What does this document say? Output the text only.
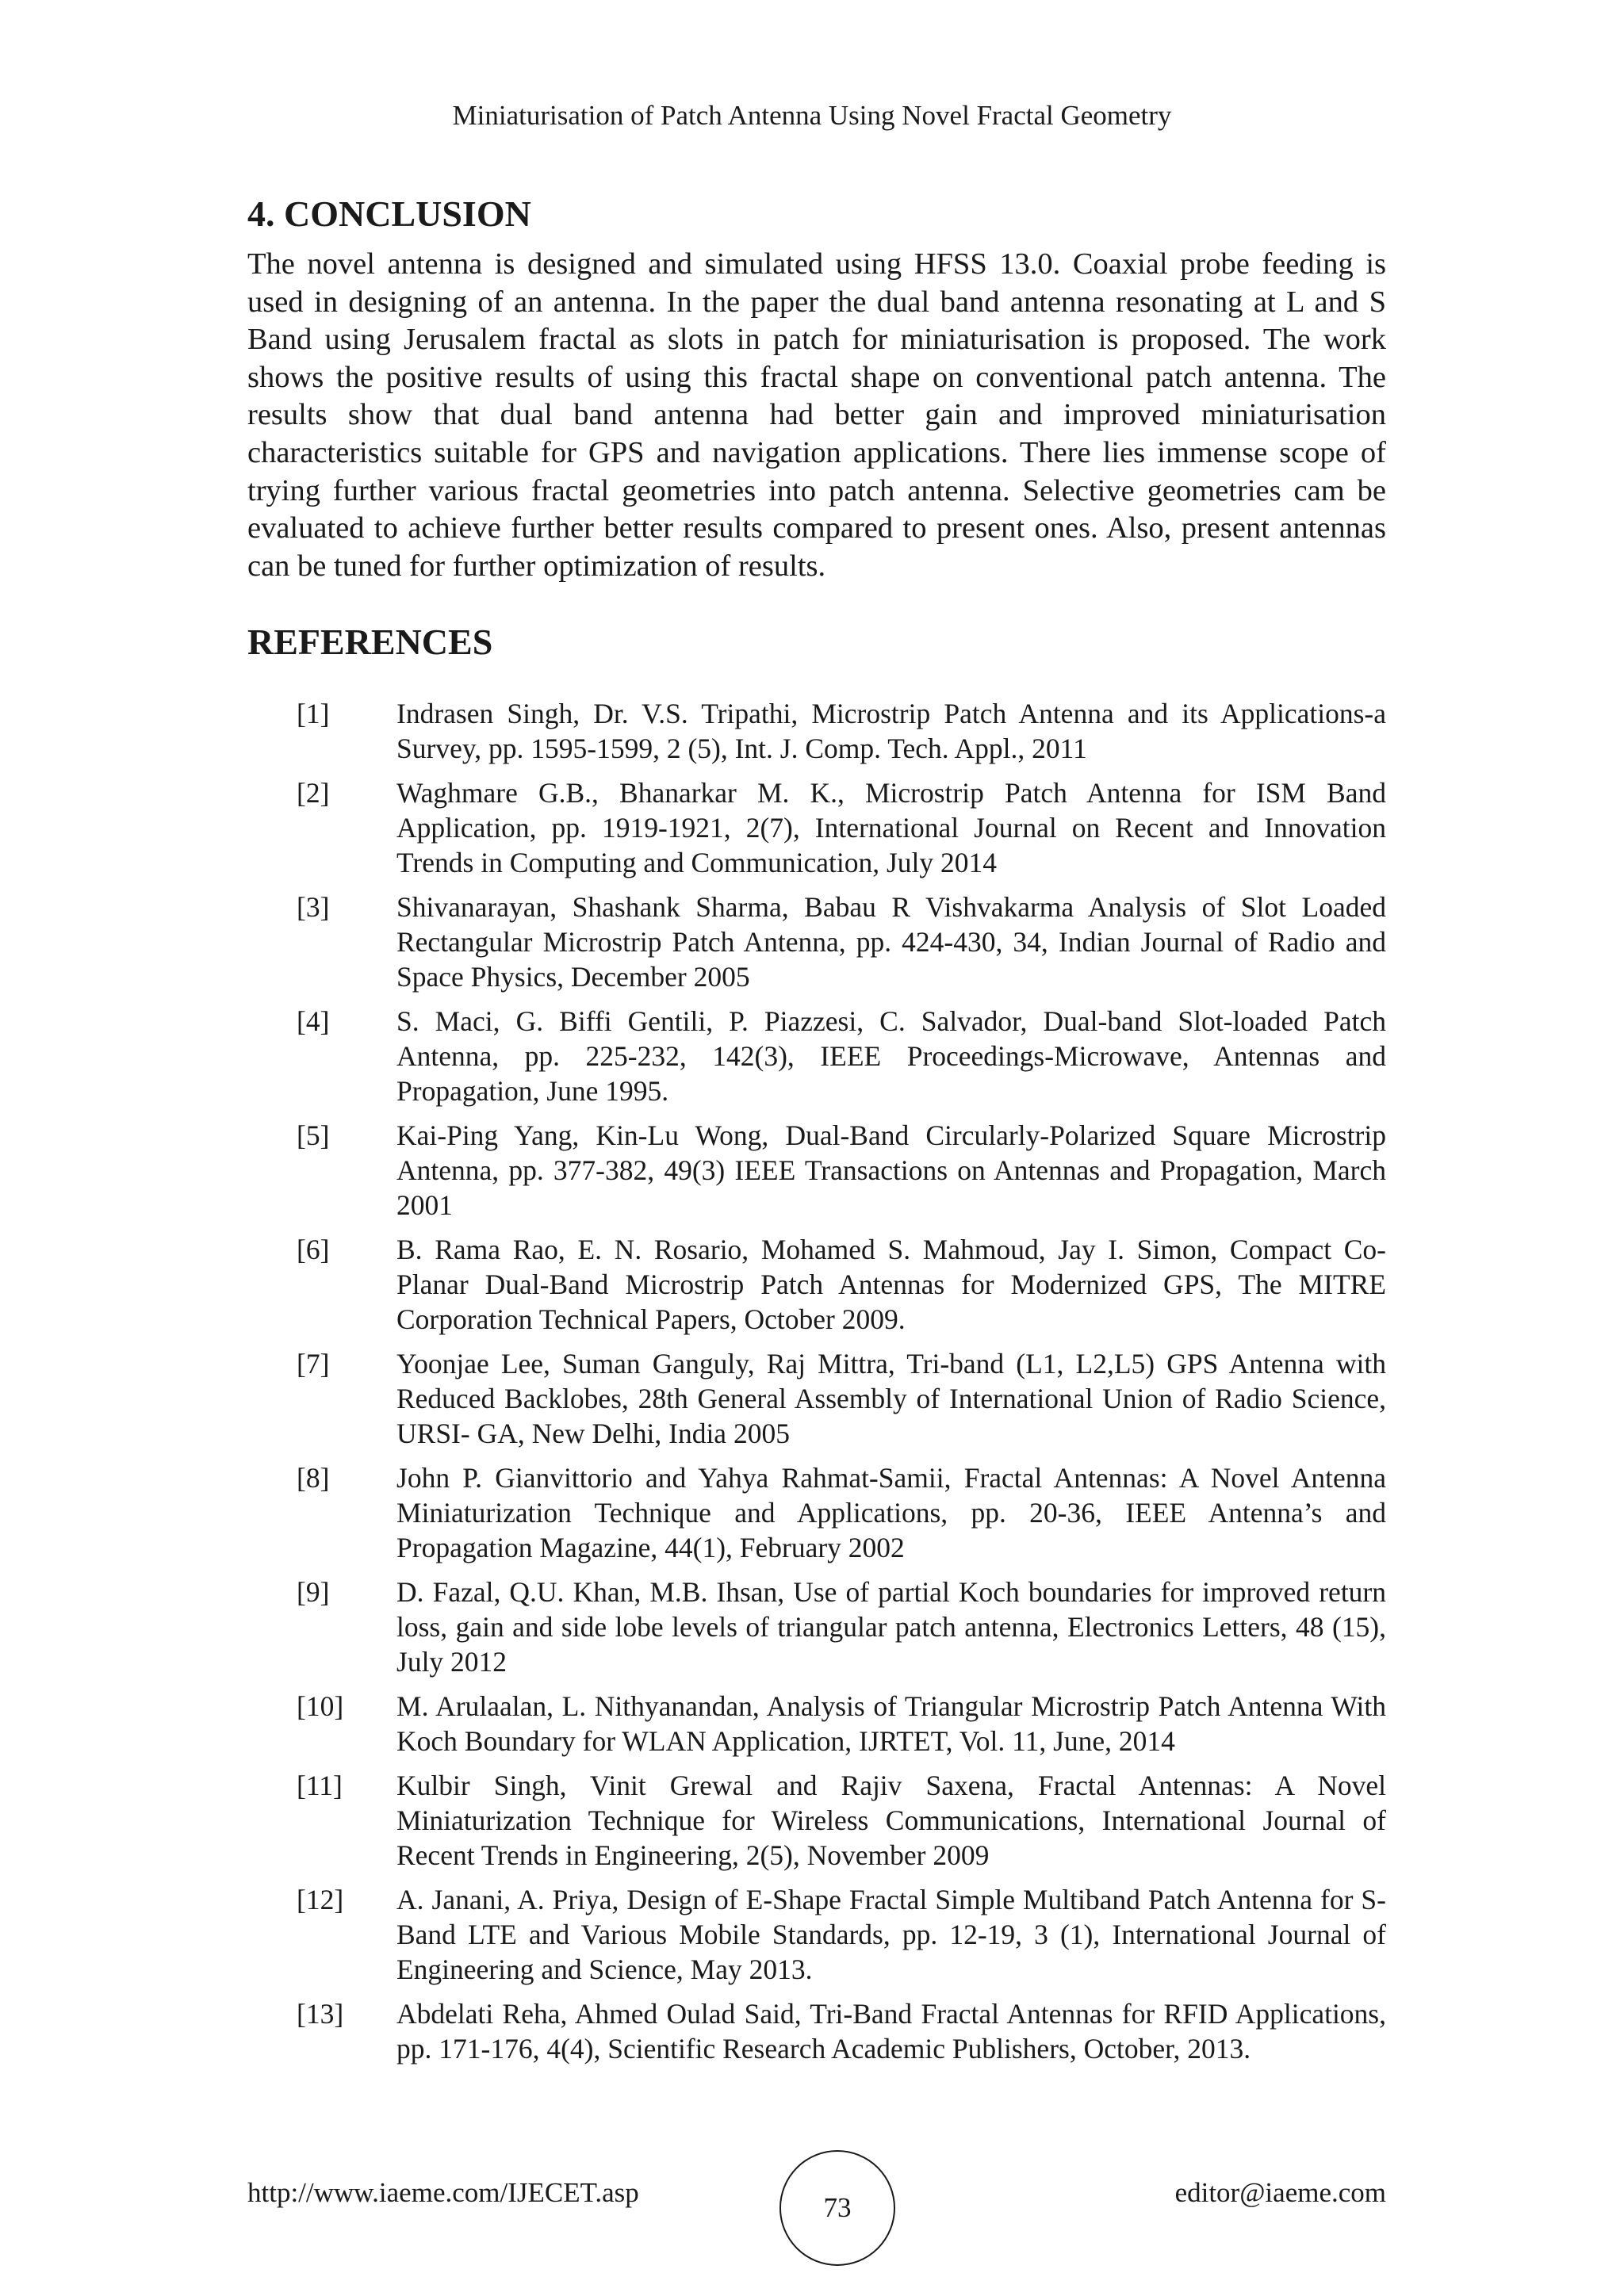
Miniaturisation of Patch Antenna Using Novel Fractal Geometry
4. CONCLUSION

The novel antenna is designed and simulated using HFSS 13.0. Coaxial probe feeding is used in designing of an antenna. In the paper the dual band antenna resonating at L and S Band using Jerusalem fractal as slots in patch for miniaturisation is proposed. The work shows the positive results of using this fractal shape on conventional patch antenna. The results show that dual band antenna had better gain and improved miniaturisation characteristics suitable for GPS and navigation applications. There lies immense scope of trying further various fractal geometries into patch antenna. Selective geometries cam be evaluated to achieve further better results compared to present ones. Also, present antennas can be tuned for further optimization of results.

REFERENCES
[1]	Indrasen Singh, Dr. V.S. Tripathi, Microstrip Patch Antenna and its Applications-a Survey, pp. 1595-1599, 2 (5), Int. J. Comp. Tech. Appl., 2011
[2]	Waghmare G.B., Bhanarkar M. K., Microstrip Patch Antenna for ISM Band Application, pp. 1919-1921, 2(7), International Journal on Recent and Innovation Trends in Computing and Communication, July 2014
[3]	Shivanarayan, Shashank Sharma, Babau R Vishvakarma Analysis of Slot Loaded Rectangular Microstrip Patch Antenna, pp. 424-430, 34, Indian Journal of Radio and Space Physics, December 2005
[4]	S. Maci, G. Biffi Gentili, P. Piazzesi, C. Salvador, Dual-band Slot-loaded Patch Antenna, pp. 225-232, 142(3), IEEE Proceedings-Microwave, Antennas and Propagation, June 1995.
[5]	Kai-Ping Yang, Kin-Lu Wong, Dual-Band Circularly-Polarized Square Microstrip Antenna, pp. 377-382, 49(3) IEEE Transactions on Antennas and Propagation, March 2001
[6]	B. Rama Rao, E. N. Rosario, Mohamed S. Mahmoud, Jay I. Simon, Compact Co-Planar Dual-Band Microstrip Patch Antennas for Modernized GPS, The MITRE Corporation Technical Papers, October 2009.
[7]	Yoonjae Lee, Suman Ganguly, Raj Mittra, Tri-band (L1, L2,L5) GPS Antenna with Reduced Backlobes, 28th General Assembly of International Union of Radio Science, URSI- GA, New Delhi, India 2005
[8]	John P. Gianvittorio and Yahya Rahmat-Samii, Fractal Antennas: A Novel Antenna Miniaturization Technique and Applications, pp. 20-36, IEEE Antenna’s and Propagation Magazine, 44(1), February 2002
[9]	D. Fazal, Q.U. Khan, M.B. Ihsan, Use of partial Koch boundaries for improved return loss, gain and side lobe levels of triangular patch antenna, Electronics Letters, 48 (15), July 2012
[10] M. Arulaalan, L. Nithyanandan, Analysis of Triangular Microstrip Patch Antenna With Koch Boundary for WLAN Application, IJRTET, Vol. 11, June, 2014
[11] Kulbir Singh, Vinit Grewal and Rajiv Saxena, Fractal Antennas: A Novel Miniaturization Technique for Wireless Communications, International Journal of Recent Trends in Engineering, 2(5), November 2009
[12] A. Janani, A. Priya, Design of E-Shape Fractal Simple Multiband Patch Antenna for S-Band LTE and Various Mobile Standards, pp. 12-19, 3 (1), International Journal of Engineering and Science, May 2013.
[13] Abdelati Reha, Ahmed Oulad Said, Tri-Band Fractal Antennas for RFID Applications, pp. 171-176, 4(4), Scientific Research Academic Publishers, October, 2013.
http://www.iaeme.com/IJECET.asp	73	editor@iaeme.com
